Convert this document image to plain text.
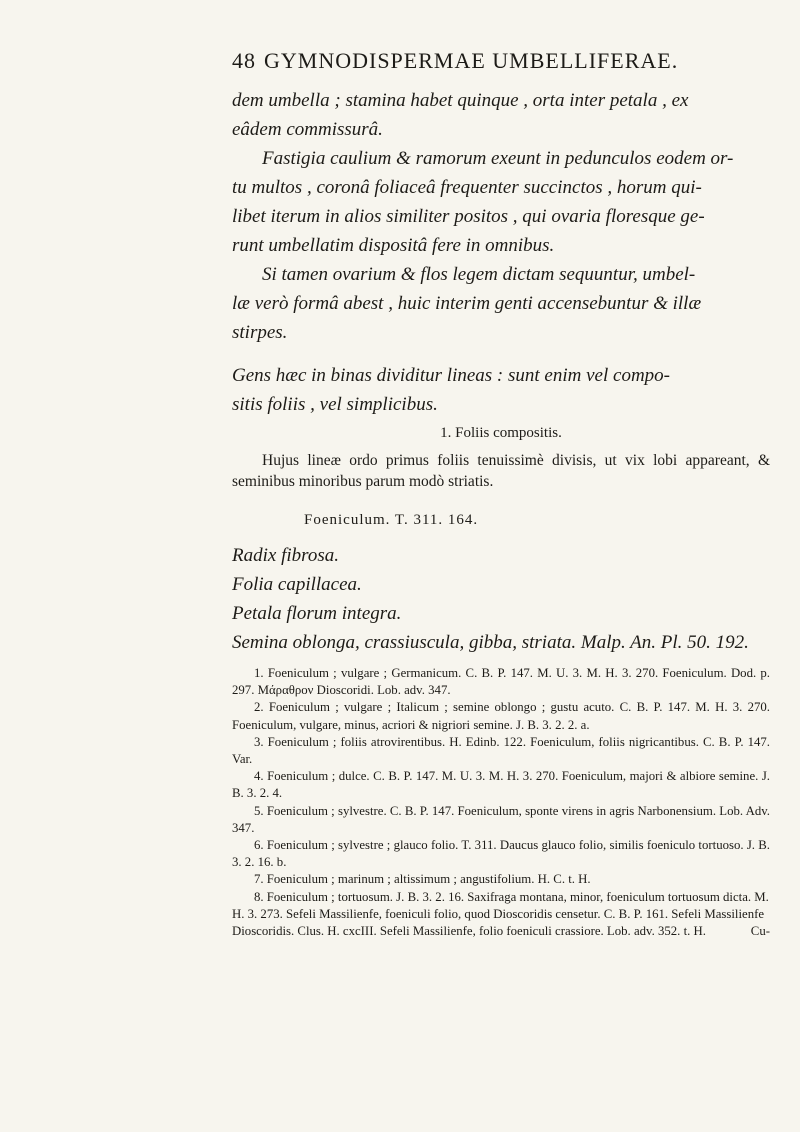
48 GYMNODISPERMAE UMBELLIFERAE.

dem umbella ; stamina habet quinque , orta inter petala , ex

eâdem commissurâ.

Fastigia caulium & ramorum exeunt in pedunculos eodem or-

tu multos , coronâ foliaceâ frequenter succinctos , horum qui-

libet iterum in alios similiter positos , qui ovaria floresque ge-

runt umbellatim dispositâ fere in omnibus.

Si tamen ovarium & flos legem dictam sequuntur, umbel-

læ verò formâ abest , huic interim genti accensebuntur & illæ

stirpes.

Gens hæc in binas dividitur lineas : sunt enim vel compo-

sitis foliis , vel simplicibus.

1. Foliis compositis.

Hujus lineæ ordo primus foliis tenuissimè divisis, ut vix lobi appareant, & seminibus minoribus parum modò striatis.

Foeniculum. T. 311. 164.

Radix fibrosa.

Folia capillacea.

Petala florum integra.

Semina oblonga, crassiuscula, gibba, striata. Malp. An. Pl. 50. 192.

1. Foeniculum ; vulgare ; Germanicum. C. B. P. 147. M. U. 3. M. H. 3. 270. Foeniculum. Dod. p. 297. Μάραθρον Dioscoridi. Lob. adv. 347.

2. Foeniculum ; vulgare ; Italicum ; semine oblongo ; gustu acuto. C. B. P. 147. M. H. 3. 270. Foeniculum, vulgare, minus, acriori & nigriori semine. J. B. 3. 2. 2. a.

3. Foeniculum ; foliis atrovirentibus. H. Edinb. 122. Foeniculum, foliis nigricantibus. C. B. P. 147. Var.

4. Foeniculum ; dulce. C. B. P. 147. M. U. 3. M. H. 3. 270. Foeniculum, majori & albiore semine. J. B. 3. 2. 4.

5. Foeniculum ; sylvestre. C. B. P. 147. Foeniculum, sponte virens in agris Narbonensium. Lob. Adv. 347.

6. Foeniculum ; sylvestre ; glauco folio. T. 311. Daucus glauco folio, similis foeniculo tortuoso. J. B. 3. 2. 16. b.

7. Foeniculum ; marinum ; altissimum ; angustifolium. H. C. t. H.

8. Foeniculum ; tortuosum. J. B. 3. 2. 16. Saxifraga montana, minor, foeniculum tortuosum dicta. M. H. 3. 273. Sefeli Massilienfe, foeniculi folio, quod Dioscoridis censetur. C. B. P. 161. Sefeli Massilienfe Dioscoridis. Clus. H. cxcIII. Sefeli Massilienfe, folio foeniculi crassiore. Lob. adv. 352. t. H.	Cu-
